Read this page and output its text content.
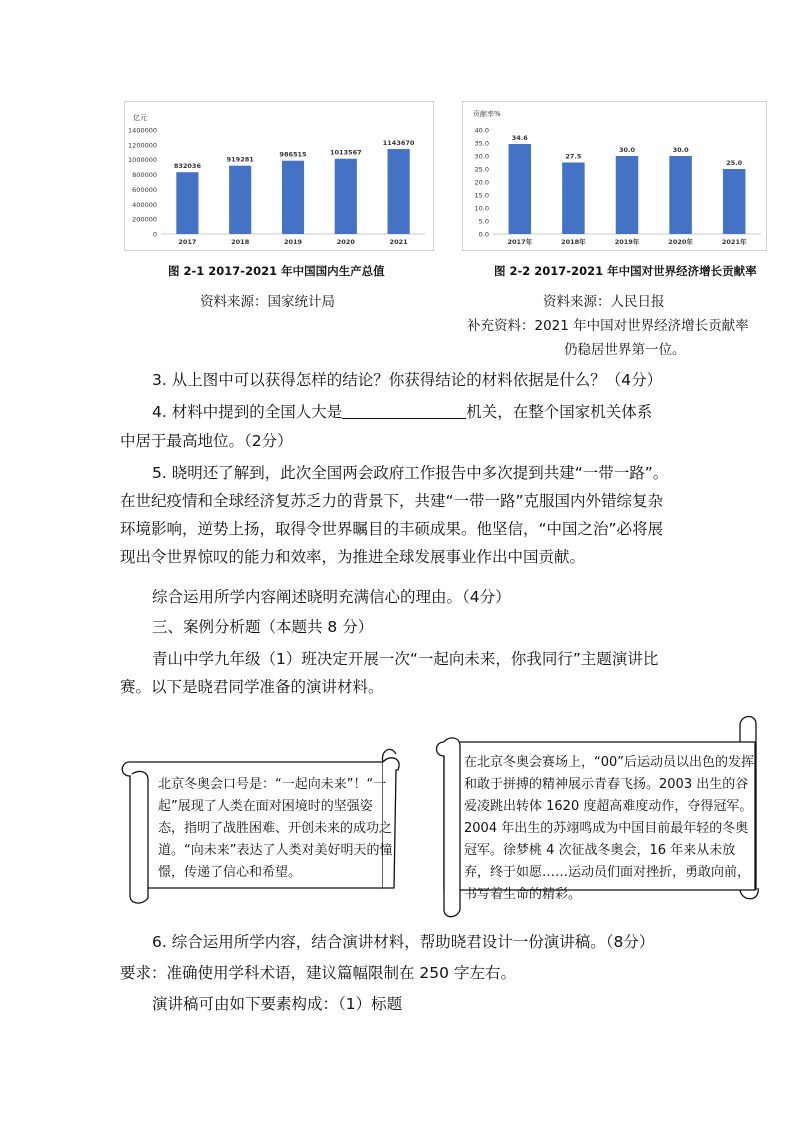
亿元
0
200000
400000
600000
800000
1000000
1200000
1400000
832036
2017
919281
2018
986515
2019
1013567
2020
1143670
2021
图 2-1 2017-2021 年中国国内生产总值
资料来源：国家统计局
贡献率%
0.0
5.0
10.0
15.0
20.0
25.0
30.0
35.0
40.0
34.6
2017年
27.5
2018年
30.0
2019年
30.0
2020年
25.0
2021年
图 2-2 2017-2021 年中国对世界经济增长贡献率
资料来源：人民日报
补充资料：2021 年中国对世界经济增长贡献率
仍稳居世界第一位。
3. 从上图中可以获得怎样的结论？你获得结论的材料依据是什么？（4分）
4. 材料中提到的全国人大是	机关，在整个国家机关体系
中居于最高地位。（2分）
5. 晓明还了解到，此次全国两会政府工作报告中多次提到共建“一带一路”。在世纪疫情和全球经济复苏乏力的背景下，共建“一带一路”克服国内外错综复杂环境影响，逆势上扬，取得令世界瞩目的丰硕成果。他坚信，“中国之治”必将展现出令世界惊叹的能力和效率，为推进全球发展事业作出中国贡献。
综合运用所学内容阐述晓明充满信心的理由。（4分）
三、案例分析题（本题共 8 分）
青山中学九年级（1）班决定开展一次“一起向未来，你我同行”主题演讲比赛。以下是晓君同学准备的演讲材料。
北京冬奥会口号是：“一起向未来”！“一起”展现了人类在面对困境时的坚强姿态，指明了战胜困难、开创未来的成功之道。“向未来”表达了人类对美好明天的憧憬，传递了信心和希望。
在北京冬奥会赛场上，“00”后运动员以出色的发挥和敢于拼搏的精神展示青春飞扬。2003 出生的谷爱凌跳出转体 1620 度超高难度动作，夺得冠军。2004 年出生的苏翊鸣成为中国目前最年轻的冬奥冠军。徐梦桃 4 次征战冬奥会，16 年来从未放弃，终于如愿……运动员们面对挫折，勇敢向前，书写着生命的精彩。
6. 综合运用所学内容，结合演讲材料，帮助晓君设计一份演讲稿。（8分）
要求：准确使用学科术语，建议篇幅限制在 250 字左右。
演讲稿可由如下要素构成：（1）标题
